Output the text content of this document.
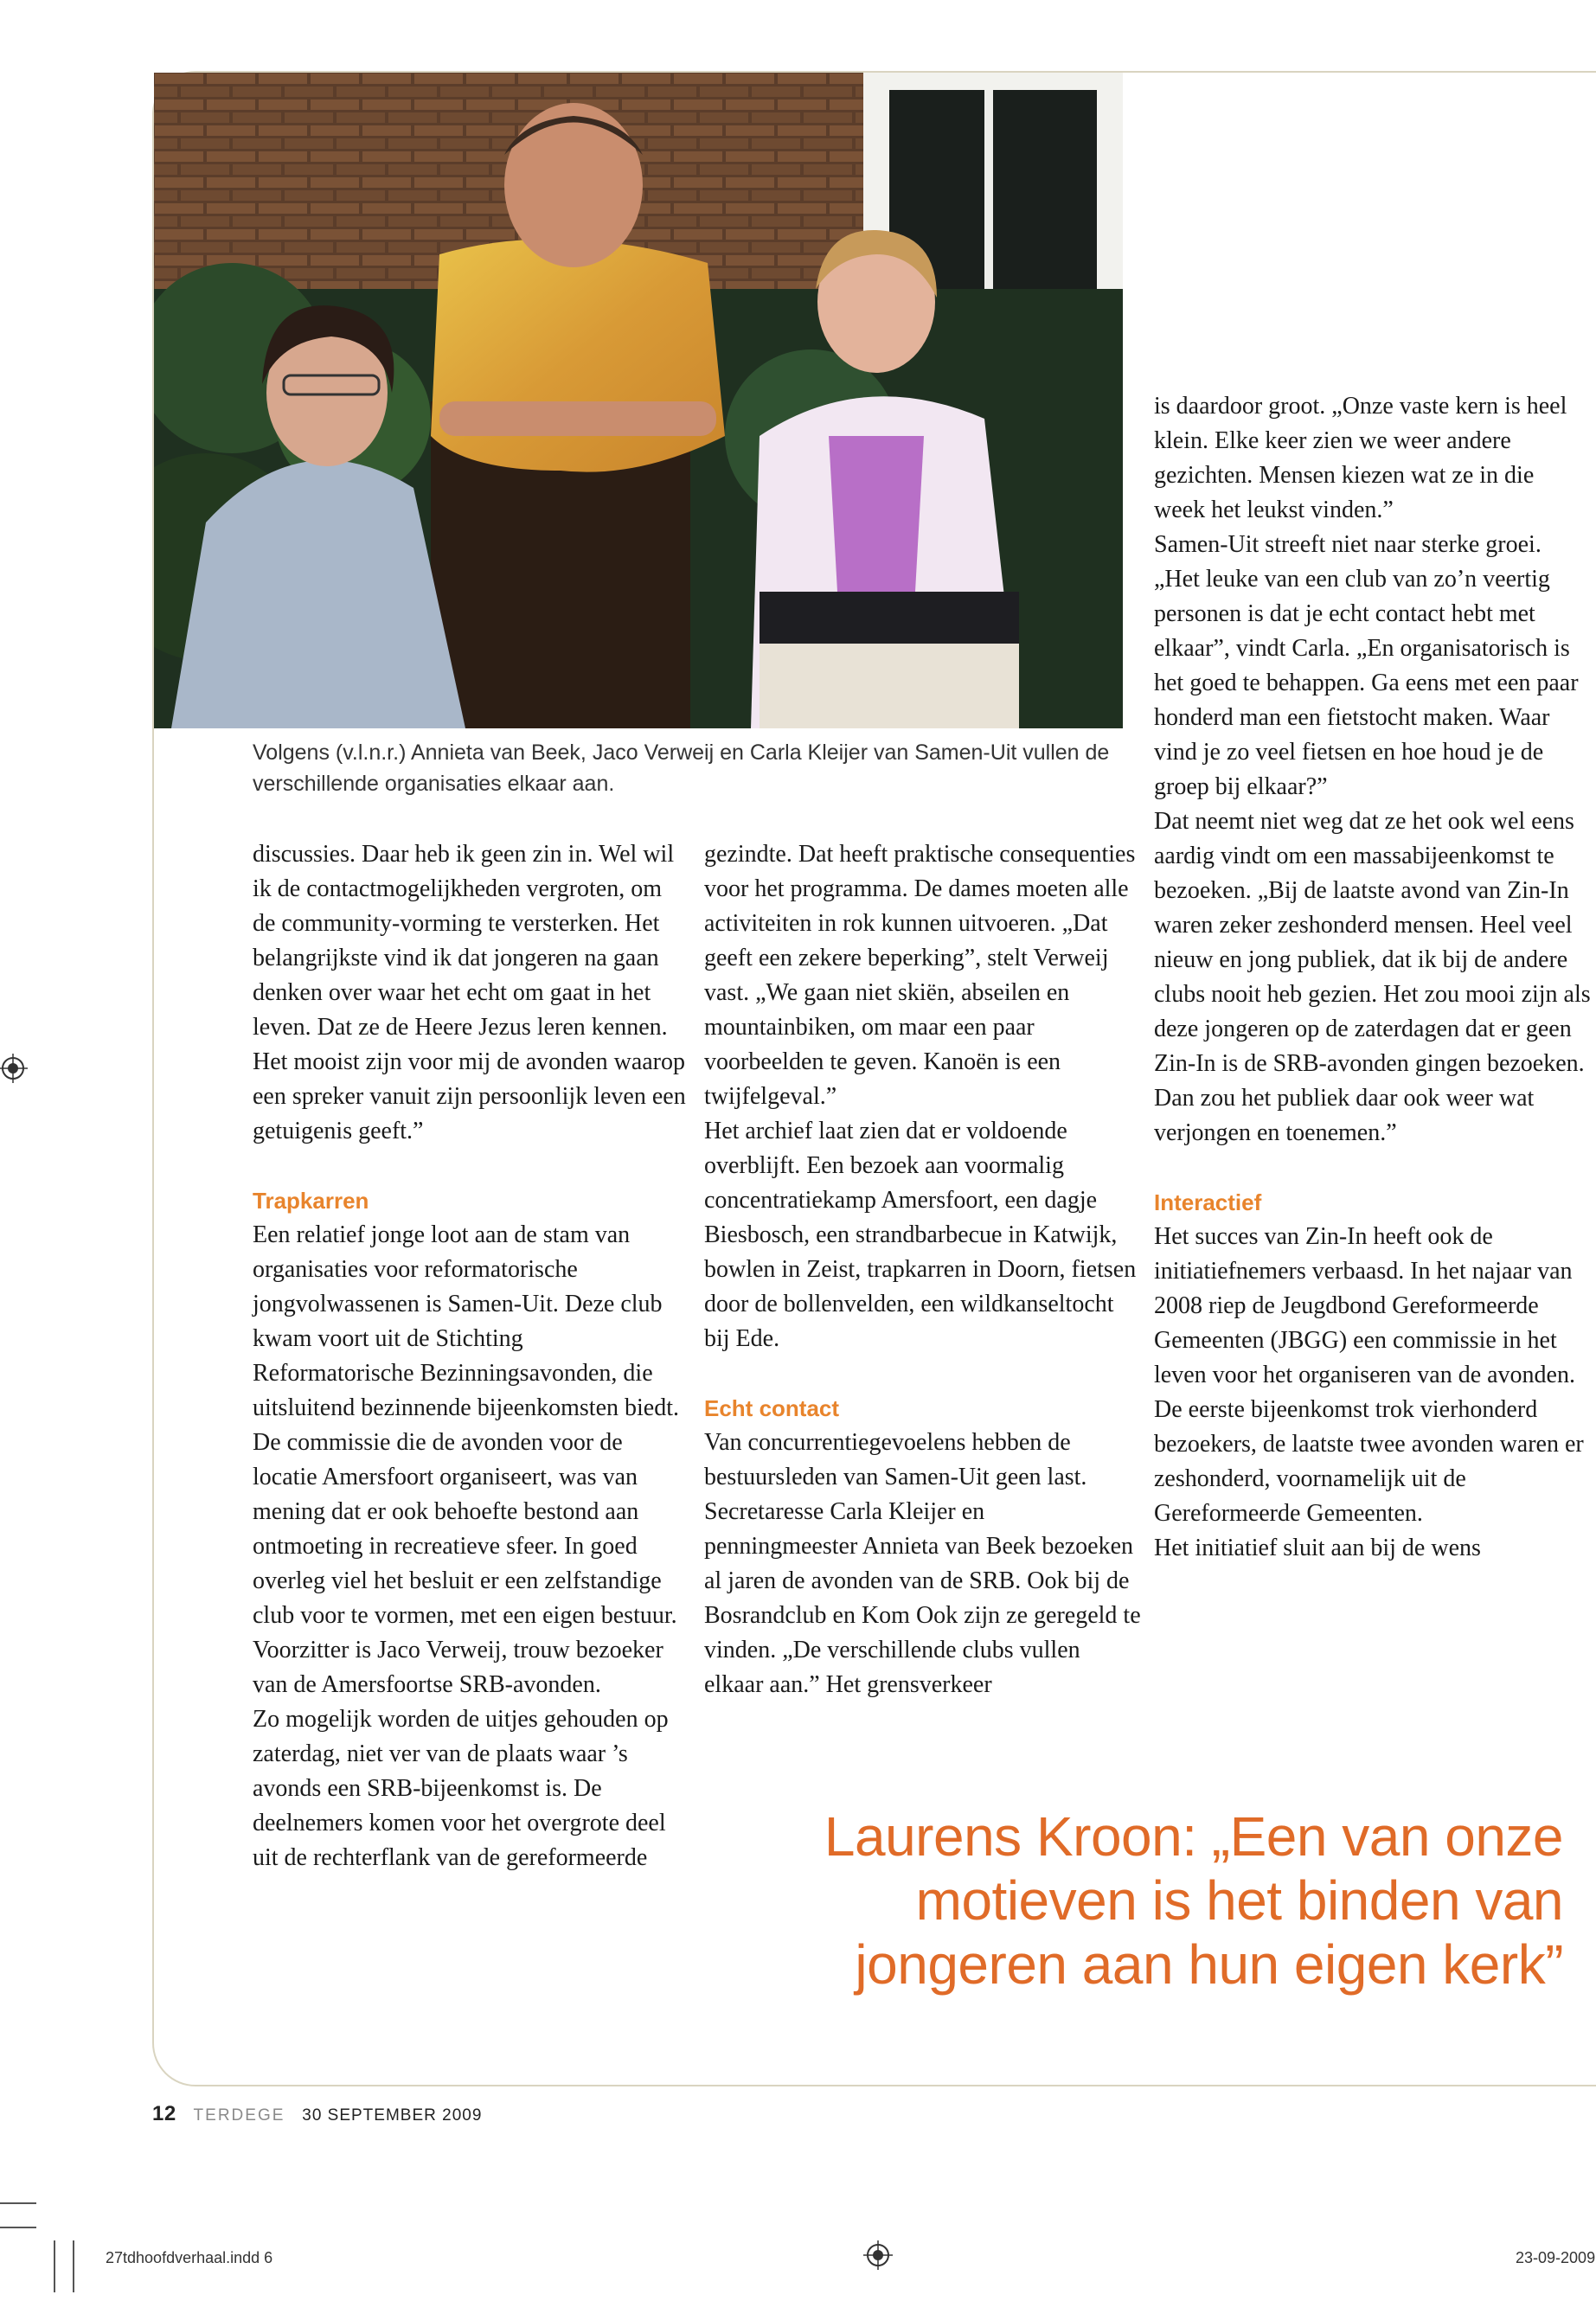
Volgens (v.l.n.r.) Annieta van Beek, Jaco Verweij en Carla Kleijer van Samen-Uit vullen de verschillende organisaties elkaar aan.

discussies. Daar heb ik geen zin in. Wel wil ik de contactmogelijkheden vergroten, om de community-vorming te versterken. Het belangrijkste vind ik dat jongeren na gaan denken over waar het echt om gaat in het leven. Dat ze de Heere Jezus leren kennen. Het mooist zijn voor mij de avonden waarop een spreker vanuit zijn persoonlijk leven een getuigenis geeft.”

Trapkarren

Een relatief jonge loot aan de stam van organisaties voor reformatorische jongvolwassenen is Samen-Uit. Deze club kwam voort uit de Stichting Reformatorische Bezinningsavonden, die uitsluitend bezinnende bijeenkomsten biedt. De commissie die de avonden voor de locatie Amersfoort organiseert, was van mening dat er ook behoefte bestond aan ontmoeting in recreatieve sfeer. In goed overleg viel het besluit er een zelfstandige club voor te vormen, met een eigen bestuur. Voorzitter is Jaco Verweij, trouw bezoeker van de Amersfoortse SRB-avonden.

Zo mogelijk worden de uitjes gehouden op zaterdag, niet ver van de plaats waar ’s avonds een SRB-bijeenkomst is. De deelnemers komen voor het overgrote deel uit de rechterflank van de gereformeerde

gezindte. Dat heeft praktische consequenties voor het programma. De dames moeten alle activiteiten in rok kunnen uitvoeren. „Dat geeft een zekere beperking”, stelt Verweij vast. „We gaan niet skiën, abseilen en mountainbiken, om maar een paar voorbeelden te geven. Kanoën is een twijfelgeval.”

Het archief laat zien dat er voldoende overblijft. Een bezoek aan voormalig concentratiekamp Amersfoort, een dagje Biesbosch, een strandbarbecue in Katwijk, bowlen in Zeist, trapkarren in Doorn, fietsen door de bollenvelden, een wildkanseltocht bij Ede.

Echt contact

Van concurrentiegevoelens hebben de bestuursleden van Samen-Uit geen last. Secretaresse Carla Kleijer en penningmeester Annieta van Beek bezoeken al jaren de avonden van de SRB. Ook bij de Bosrandclub en Kom Ook zijn ze geregeld te vinden. „De verschillende clubs vullen elkaar aan.” Het grensverkeer

is daardoor groot. „Onze vaste kern is heel klein. Elke keer zien we weer andere gezichten. Mensen kiezen wat ze in die week het leukst vinden.”

Samen-Uit streeft niet naar sterke groei. „Het leuke van een club van zo’n veertig personen is dat je echt contact hebt met elkaar”, vindt Carla. „En organisatorisch is het goed te behappen. Ga eens met een paar honderd man een fietstocht maken. Waar vind je zo veel fietsen en hoe houd je de groep bij elkaar?”

Dat neemt niet weg dat ze het ook wel eens aardig vindt om een massabijeenkomst te bezoeken. „Bij de laatste avond van Zin-In waren zeker zeshonderd mensen. Heel veel nieuw en jong publiek, dat ik bij de andere clubs nooit heb gezien. Het zou mooi zijn als deze jongeren op de zaterdagen dat er geen Zin-In is de SRB-avonden gingen bezoeken. Dan zou het publiek daar ook weer wat verjongen en toenemen.”

Interactief

Het succes van Zin-In heeft ook de initiatiefnemers verbaasd. In het najaar van 2008 riep de Jeugdbond Gereformeerde Gemeenten (JBGG) een commissie in het leven voor het organiseren van de avonden. De eerste bijeenkomst trok vierhonderd bezoekers, de laatste twee avonden waren er zeshonderd, voornamelijk uit de Gereformeerde Gemeenten.

Het initiatief sluit aan bij de wens

Laurens Kroon: „Een van onze motieven is het binden van jongeren aan hun eigen kerk”
12 TERDEGE 30 SEPTEMBER 2009
27tdhoofdverhaal.indd 6	23-09-2009
